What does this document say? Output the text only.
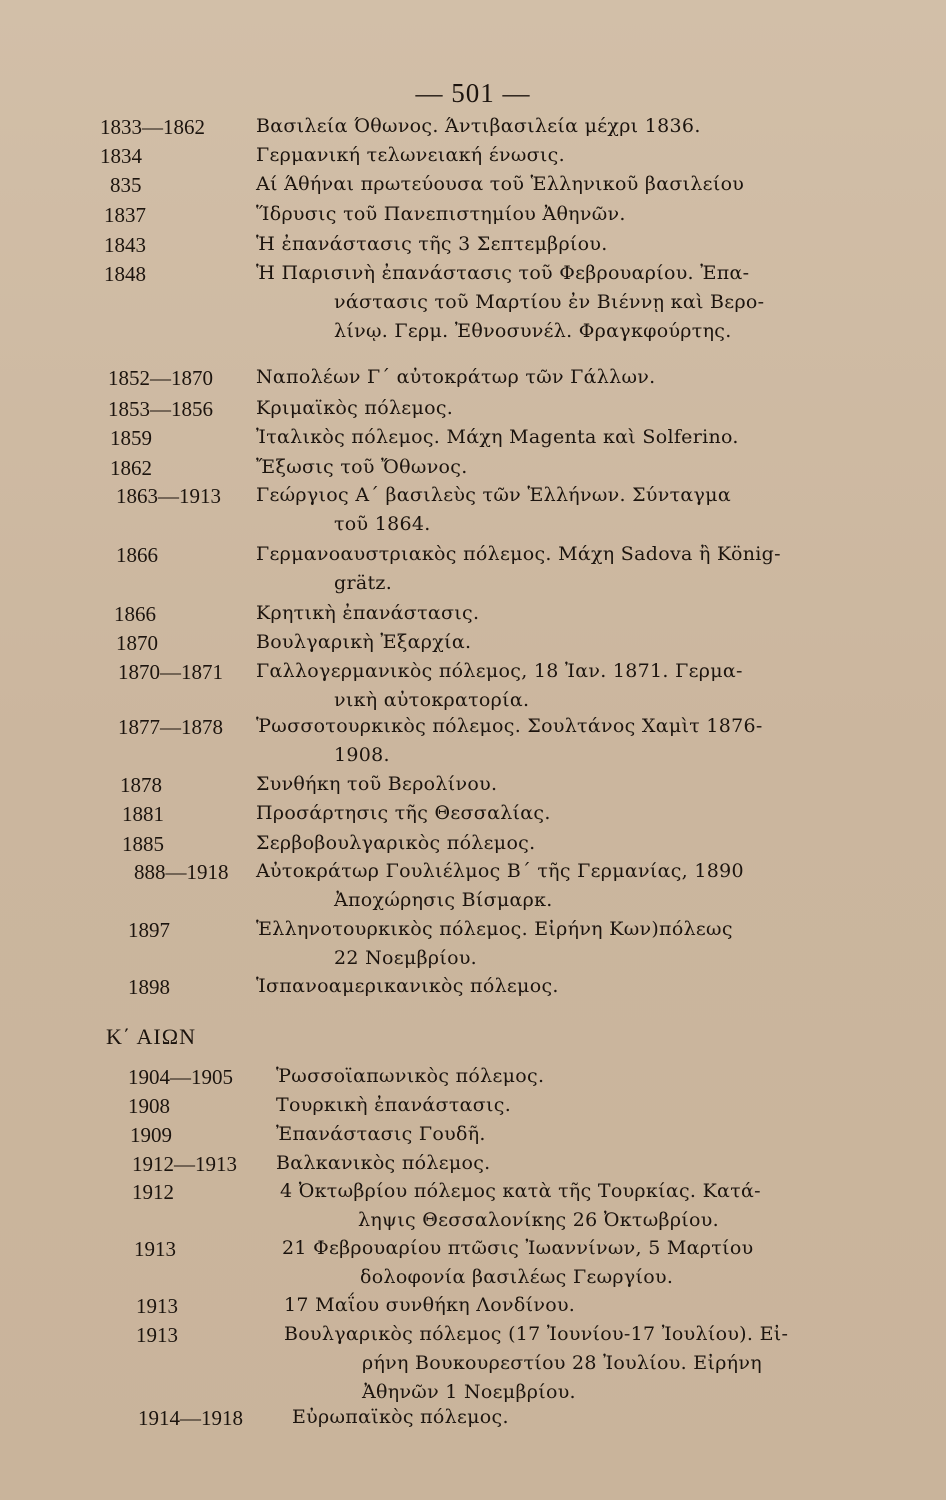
— 501 —
1833—1862	Βασιλεία Όθωνος. Άντιβασιλεία μέχρι 1836.
1834	Γερμανική τελωνειακή ένωσις.
835	Αί Άθήναι πρωτεύουσα τοῦ Ἑλληνικοῦ βασιλείου
1837	Ἵδρυσις τοῦ Πανεπιστημίου Ἀθηνῶν.
1843	Ἡ ἐπανάστασις τῆς 3 Σεπτεμβρίου.
1848	Ἡ Παρισινὴ ἐπανάστασις τοῦ Φεβρουαρίου. Ἐπα-
νάστασις τοῦ Μαρτίου ἐν Βιέννῃ καὶ Βερο-
λίνῳ. Γερμ. Ἐθνοσυνέλ. Φραγκφούρτης.
1852—1870	Ναπολέων Γ΄ αὐτοκράτωρ τῶν Γάλλων.
1853—1856	Κριμαϊκὸς πόλεμος.
1859	Ἰταλικὸς πόλεμος. Μάχη Magenta καὶ Solferino.
1862	Ἔξωσις τοῦ Ὄθωνος.
1863—1913	Γεώργιος Α΄ βασιλεὺς τῶν Ἑλλήνων. Σύνταγμα
τοῦ 1864.
1866	Γερμανοαυστριακὸς πόλεμος. Μάχη Sadova ἢ König-
grätz.
1866	Κρητικὴ ἐπανάστασις.
1870	Βουλγαρικὴ Ἐξαρχία.
1870—1871	Γαλλογερμανικὸς πόλεμος, 18 Ἰαν. 1871. Γερμα-
νικὴ αὐτοκρατορία.
1877—1878	Ῥωσσοτουρκικὸς πόλεμος. Σουλτάνος Χαμὶτ 1876-
1908.
1878	Συνθήκη τοῦ Βερολίνου.
1881	Προσάρτησις τῆς Θεσσαλίας.
1885	Σερβοβουλγαρικὸς πόλεμος.
888—1918	Αὐτοκράτωρ Γουλιέλμος Β΄ τῆς Γερμανίας, 1890
Ἀποχώρησις Βίσμαρκ.
1897	Ἑλληνοτουρκικὸς πόλεμος. Εἰρήνη Κων)πόλεως
22 Νοεμβρίου.
1898	Ἱσπανοαμερικανικὸς πόλεμος.
Κ΄ ΑΙΩΝ
1904—1905	Ῥωσσοϊαπωνικὸς πόλεμος.
1908	Τουρκικὴ ἐπανάστασις.
1909	Ἐπανάστασις Γουδῆ.
1912—1913	Βαλκανικὸς πόλεμος.
1912	4 Ὀκτωβρίου πόλεμος κατὰ τῆς Τουρκίας. Κατά-
ληψις Θεσσαλονίκης 26 Ὀκτωβρίου.
1913	21 Φεβρουαρίου πτῶσις Ἰωαννίνων, 5 Μαρτίου
δολοφονία βασιλέως Γεωργίου.
1913	17 Μαΐου συνθήκη Λονδίνου.
1913	Βουλγαρικὸς πόλεμος (17 Ἰουνίου-17 Ἰουλίου). Εἰ-
ρήνη Βουκουρεστίου 28 Ἰουλίου. Εἰρήνη
Ἀθηνῶν 1 Νοεμβρίου.
1914—1918	Εὐρωπαϊκὸς πόλεμος.
